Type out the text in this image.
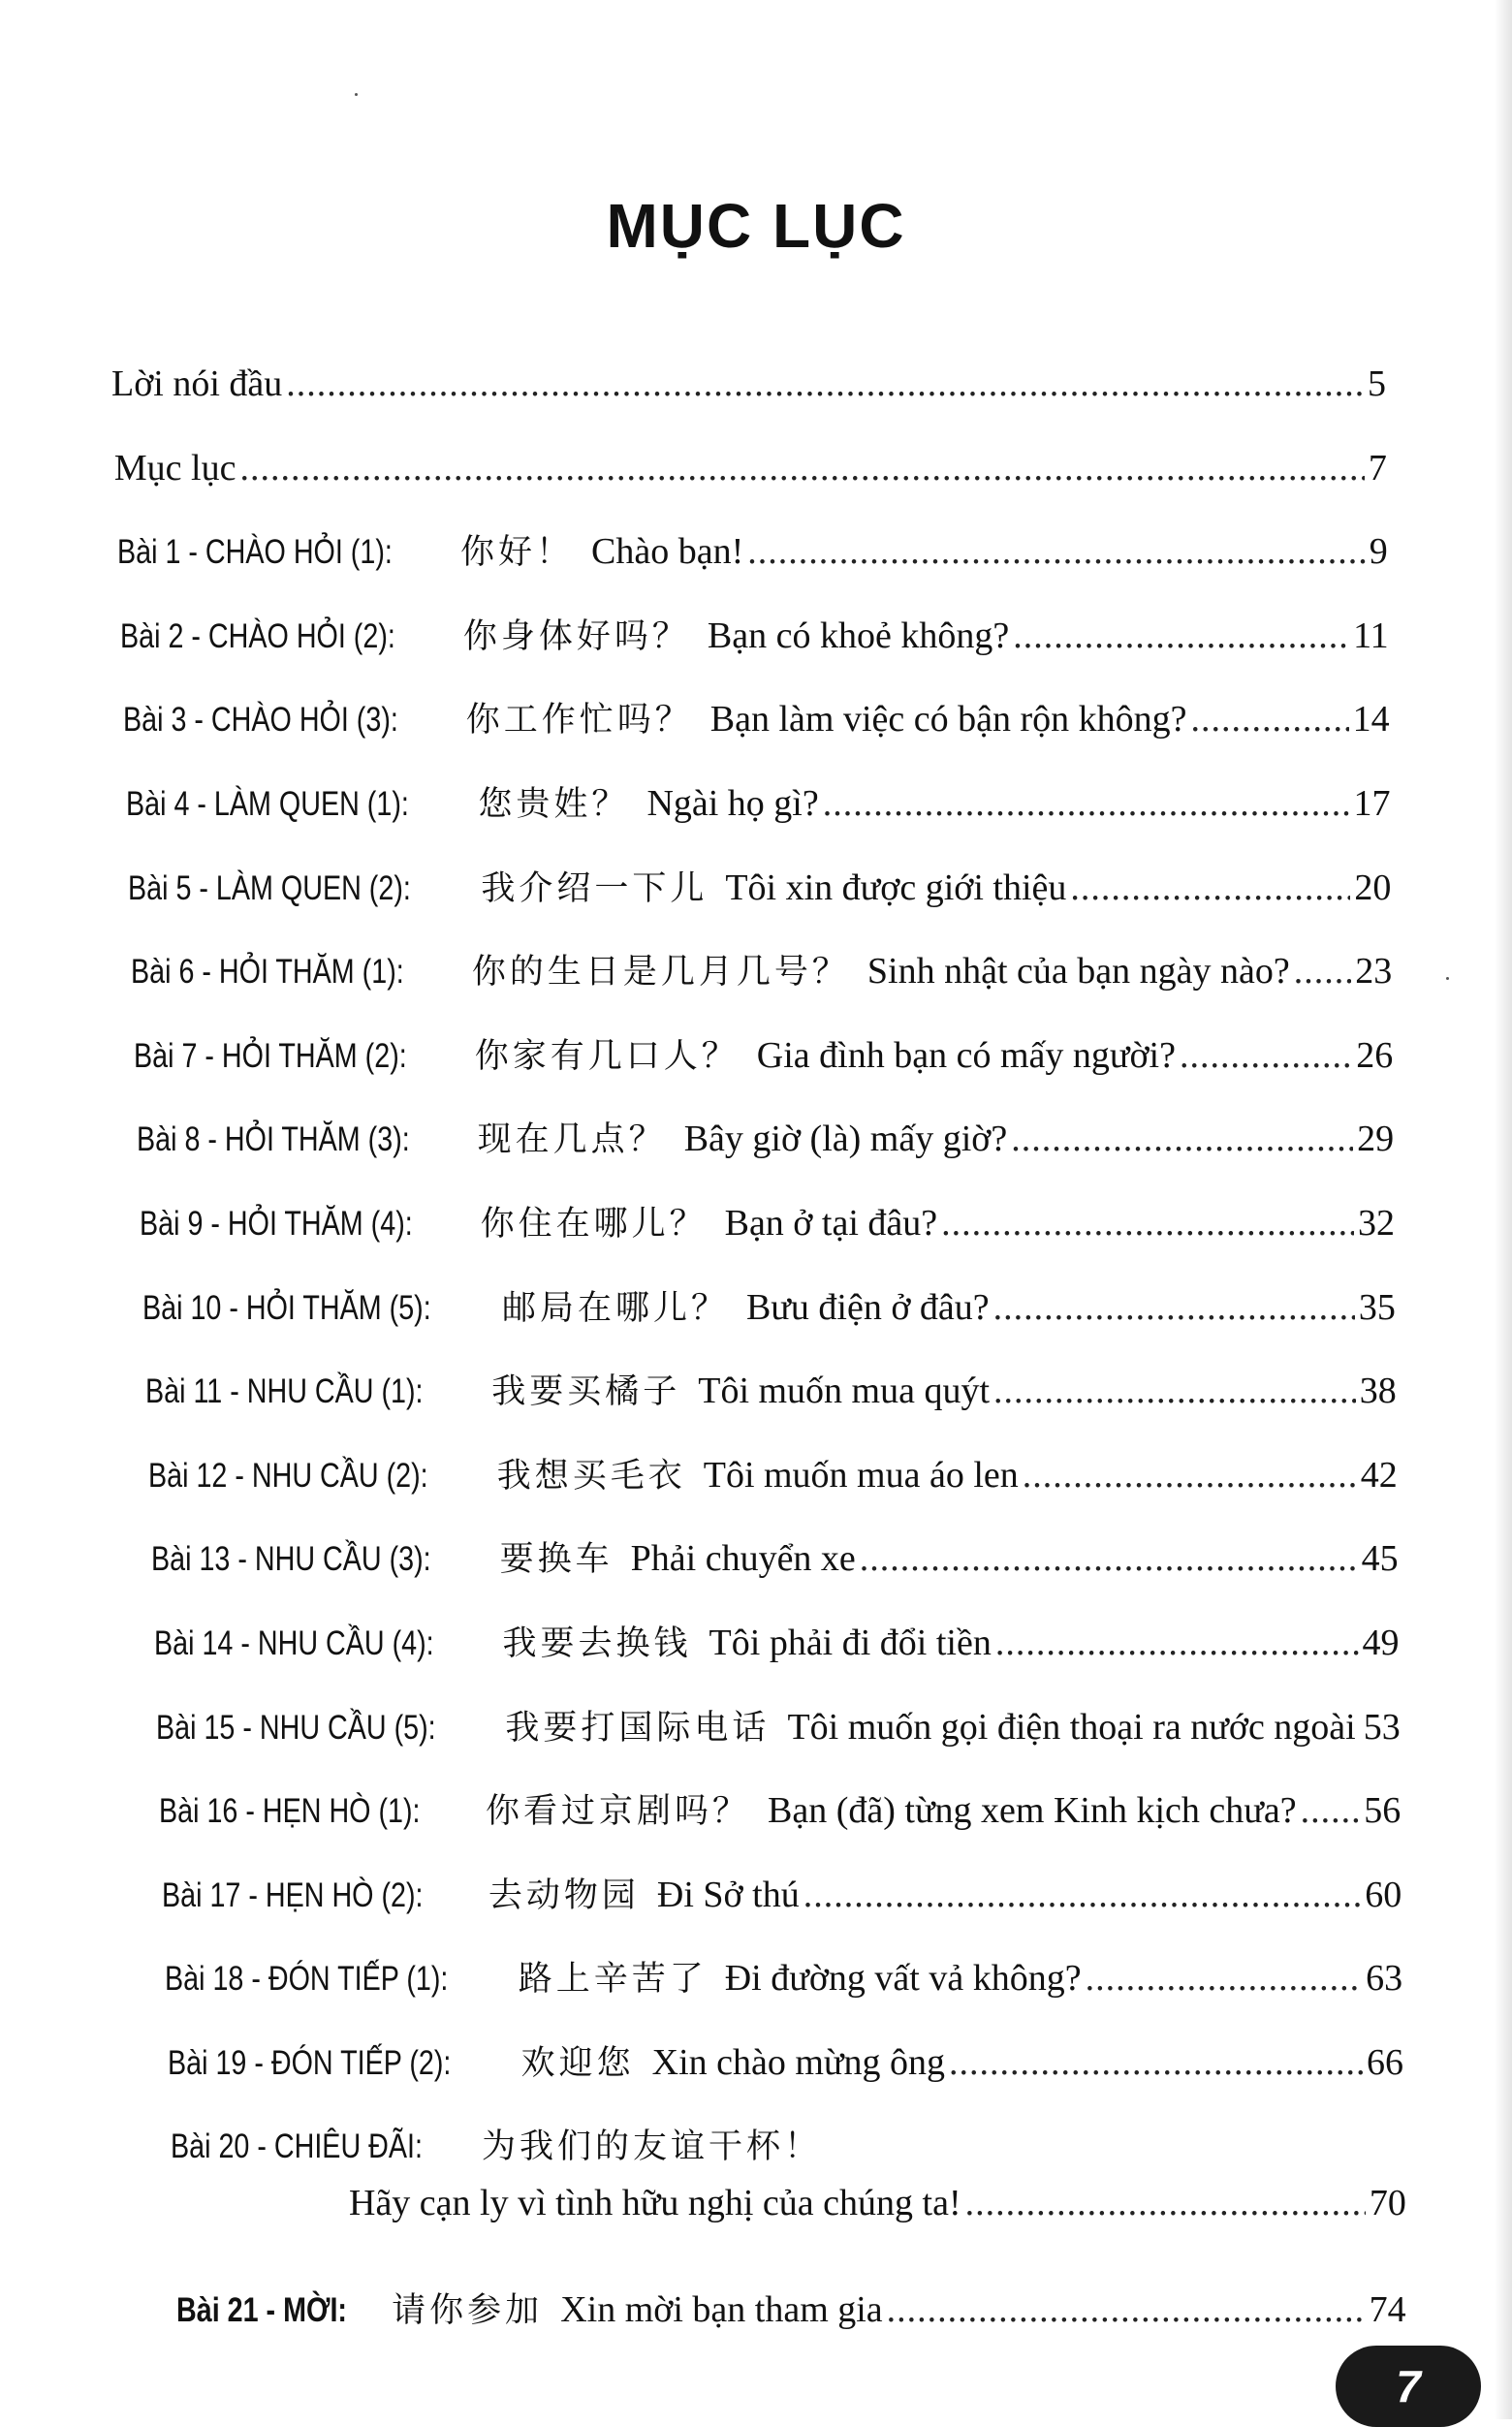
MỤC LỤC
Lời nói đầu .....	5
Mục lục .....	7
Bài 1 - CHÀO HỎI (1): 你好！ Chào bạn! .....	9
Bài 2 - CHÀO HỎI (2): 你身体好吗？ Bạn có khoẻ không? .....	11
Bài 3 - CHÀO HỎI (3): 你工作忙吗？ Bạn làm việc có bận rộn không? .....	14
Bài 4 - LÀM QUEN (1): 您贵姓？ Ngài họ gì? .....	17
Bài 5 - LÀM QUEN (2): 我介绍一下儿 Tôi xin được giới thiệu .....	20
Bài 6 - HỎI THĂM (1): 你的生日是几月几号？ Sinh nhật của bạn ngày nào? ..... 23
Bài 7 - HỎI THĂM (2): 你家有几口人？ Gia đình bạn có mấy người? .....	26
Bài 8 - HỎI THĂM (3): 现在几点？ Bây giờ (là) mấy giờ? .....	29
Bài 9 - HỎI THĂM (4): 你住在哪儿？ Bạn ở tại đâu? .....	32
Bài 10 - HỎI THĂM (5): 邮局在哪儿？ Bưu điện ở đâu? .....	35
Bài 11 - NHU CẦU (1): 我要买橘子 Tôi muốn mua quýt .....	38
Bài 12 - NHU CẦU (2): 我想买毛衣 Tôi muốn mua áo len .....	42
Bài 13 - NHU CẦU (3): 要换车 Phải chuyển xe .....	45
Bài 14 - NHU CẦU (4): 我要去换钱 Tôi phải đi đổi tiền .....	49
Bài 15 - NHU CẦU (5): 我要打国际电话 Tôi muốn gọi điện thoại ra nước ngoài 53
Bài 16 - HẸN HÒ (1): 你看过京剧吗？ Bạn (đã) từng xem Kinh kịch chưa? ..... 56
Bài 17 - HẸN HÒ (2): 去动物园 Đi Sở thú .....	60
Bài 18 - ĐÓN TIẾP (1): 路上辛苦了 Đi đường vất vả không? .....	63
Bài 19 - ĐÓN TIẾP (2): 欢迎您 Xin chào mừng ông .....	66
Bài 20 - CHIÊU ĐÃI: 为我们的友谊干杯！
Hãy cạn ly vì tình hữu nghị của chúng ta! .....	70
Bài 21 - MỜI: 请你参加 Xin mời bạn tham gia .....	74
7
